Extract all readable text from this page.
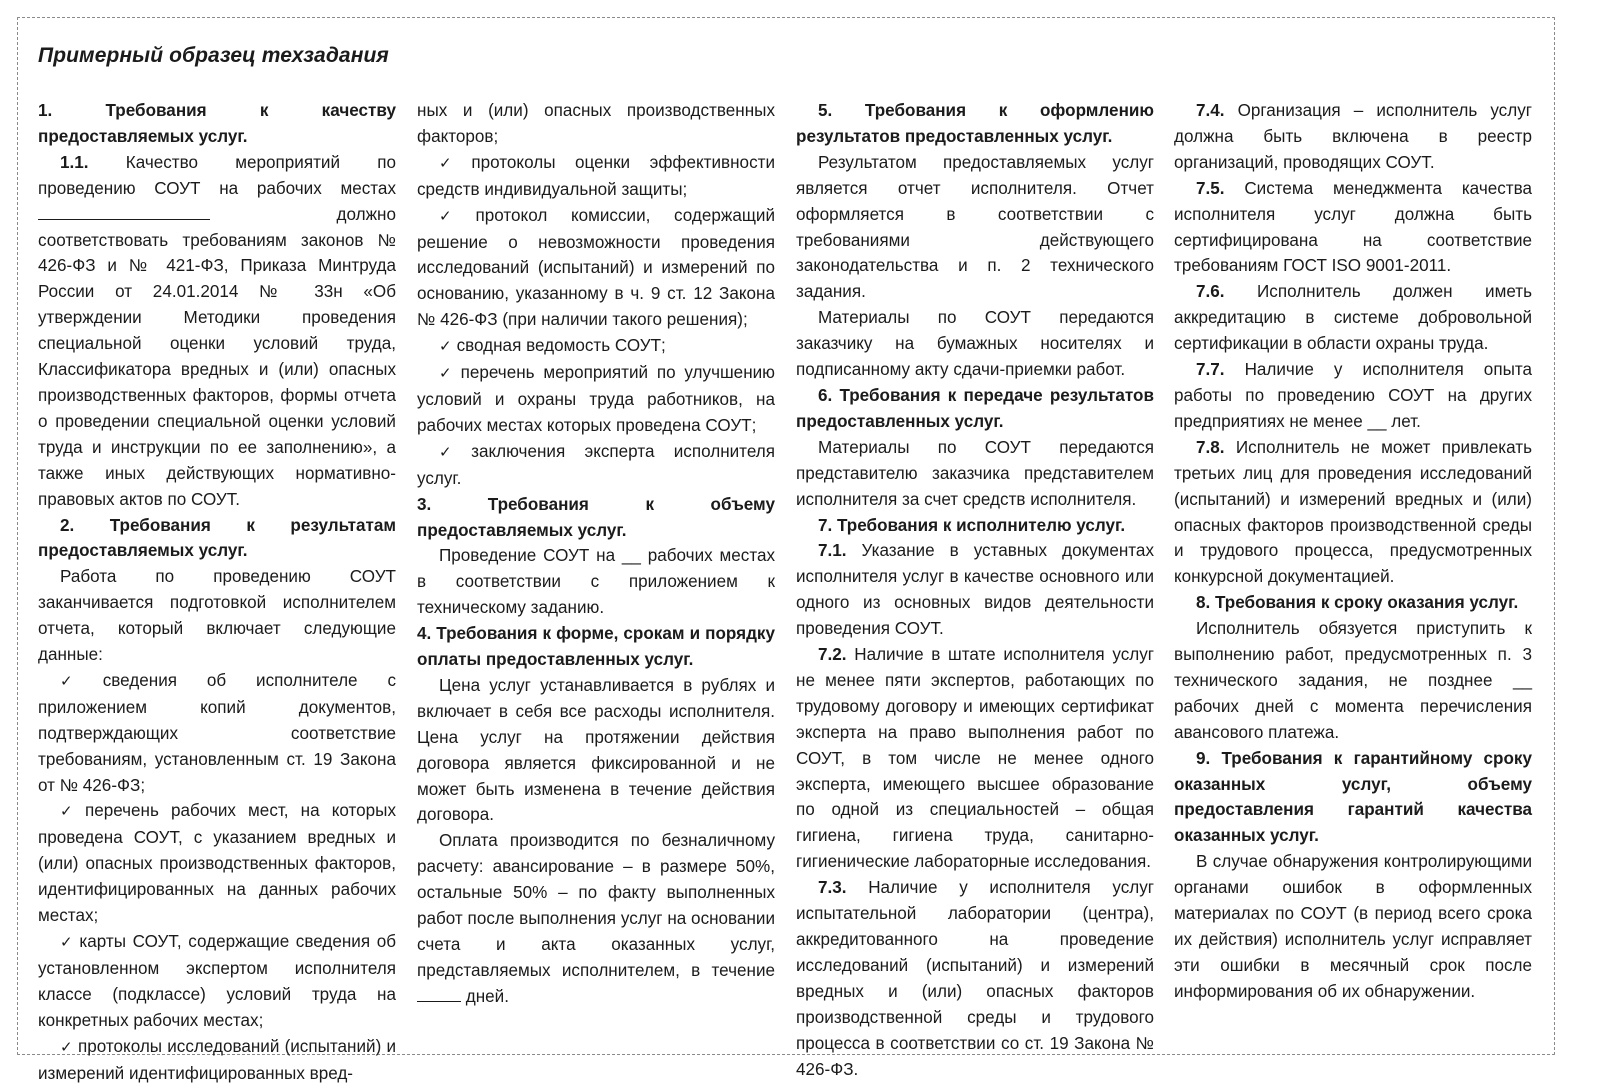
Примерный образец техзадания

1. Требования к качеству предоставляемых услуг.

1.1. Качество мероприятий по проведению СОУТ на рабочих местах  должно соответствовать требованиям законов № 426-ФЗ и № 421-ФЗ, Приказа Минтруда России от 24.01.2014 № 33н «Об утверждении Методики проведения специальной оценки условий труда, Классификатора вредных и (или) опасных производственных факторов, формы отчета о проведении специальной оценки условий труда и инструкции по ее заполнению», а также иных действующих нормативно-правовых актов по СОУТ.

2. Требования к результатам предоставляемых услуг.

Работа по проведению СОУТ заканчивается подготовкой исполнителем отчета, который включает следующие данные:

✓ сведения об исполнителе с приложением копий документов, подтверждающих соответствие требованиям, установленным ст. 19 Закона от № 426-ФЗ;

✓ перечень рабочих мест, на которых проведена СОУТ, с указанием вредных и (или) опасных производственных факторов, идентифицированных на данных рабочих местах;

✓ карты СОУТ, содержащие сведения об установленном экспертом исполнителя классе (подклассе) условий труда на конкретных рабочих местах;

✓ протоколы исследований (испытаний) и измерений идентифицированных вред-

ных и (или) опасных производственных факторов;

✓ протоколы оценки эффективности средств индивидуальной защиты;

✓ протокол комиссии, содержащий решение о невозможности проведения исследований (испытаний) и измерений по основанию, указанному в ч. 9 ст. 12 Закона № 426-ФЗ (при наличии такого решения);

✓ сводная ведомость СОУТ;

✓ перечень мероприятий по улучшению условий и охраны труда работников, на рабочих местах которых проведена СОУТ;

✓ заключения эксперта исполнителя услуг.

3. Требования к объему предоставляемых услуг.

Проведение СОУТ на __ рабочих местах в соответствии с приложением к техническому заданию.

4. Требования к форме, срокам и порядку оплаты предоставленных услуг.

Цена услуг устанавливается в рублях и включает в себя все расходы исполнителя. Цена услуг на протяжении действия договора является фиксированной и не может быть изменена в течение действия договора.

Оплата производится по безналичному расчету: авансирование – в размере 50%, остальные 50% – по факту выполненных работ после выполнения услуг на основании счета и акта оказанных услуг, представляемых исполнителем, в течение  дней.

5. Требования к оформлению результатов предоставленных услуг.

Результатом предоставляемых услуг является отчет исполнителя. Отчет оформляется в соответствии с требованиями действующего законодательства и п. 2 технического задания.

Материалы по СОУТ передаются заказчику на бумажных носителях и подписанному акту сдачи-приемки работ.

6. Требования к передаче результатов предоставленных услуг.

Материалы по СОУТ передаются представителю заказчика представителем исполнителя за счет средств исполнителя.

7. Требования к исполнителю услуг.

7.1. Указание в уставных документах исполнителя услуг в качестве основного или одного из основных видов деятельности проведения СОУТ.

7.2. Наличие в штате исполнителя услуг не менее пяти экспертов, работающих по трудовому договору и имеющих сертификат эксперта на право выполнения работ по СОУТ, в том числе не менее одного эксперта, имеющего высшее образование по одной из специальностей – общая гигиена, гигиена труда, санитарно-гигиенические лабораторные исследования.

7.3. Наличие у исполнителя услуг испытательной лаборатории (центра), аккредитованного на проведение исследований (испытаний) и измерений вредных и (или) опасных факторов производственной среды и трудового процесса в соответствии со ст. 19 Закона № 426-ФЗ.

7.4. Организация – исполнитель услуг должна быть включена в реестр организаций, проводящих СОУТ.

7.5. Система менеджмента качества исполнителя услуг должна быть сертифицирована на соответствие требованиям ГОСТ ISO 9001-2011.

7.6. Исполнитель должен иметь аккредитацию в системе добровольной сертификации в области охраны труда.

7.7. Наличие у исполнителя опыта работы по проведению СОУТ на других предприятиях не менее __ лет.

7.8. Исполнитель не может привлекать третьих лиц для проведения исследований (испытаний) и измерений вредных и (или) опасных факторов производственной среды и трудового процесса, предусмотренных конкурсной документацией.

8. Требования к сроку оказания услуг.

Исполнитель обязуется приступить к выполнению работ, предусмотренных п. 3 технического задания, не позднее __ рабочих дней с момента перечисления авансового платежа.

9. Требования к гарантийному сроку оказанных услуг, объему предоставления гарантий качества оказанных услуг.

В случае обнаружения контролирующими органами ошибок в оформленных материалах по СОУТ (в период всего срока их действия) исполнитель услуг исправляет эти ошибки в месячный срок после информирования об их обнаружении.
